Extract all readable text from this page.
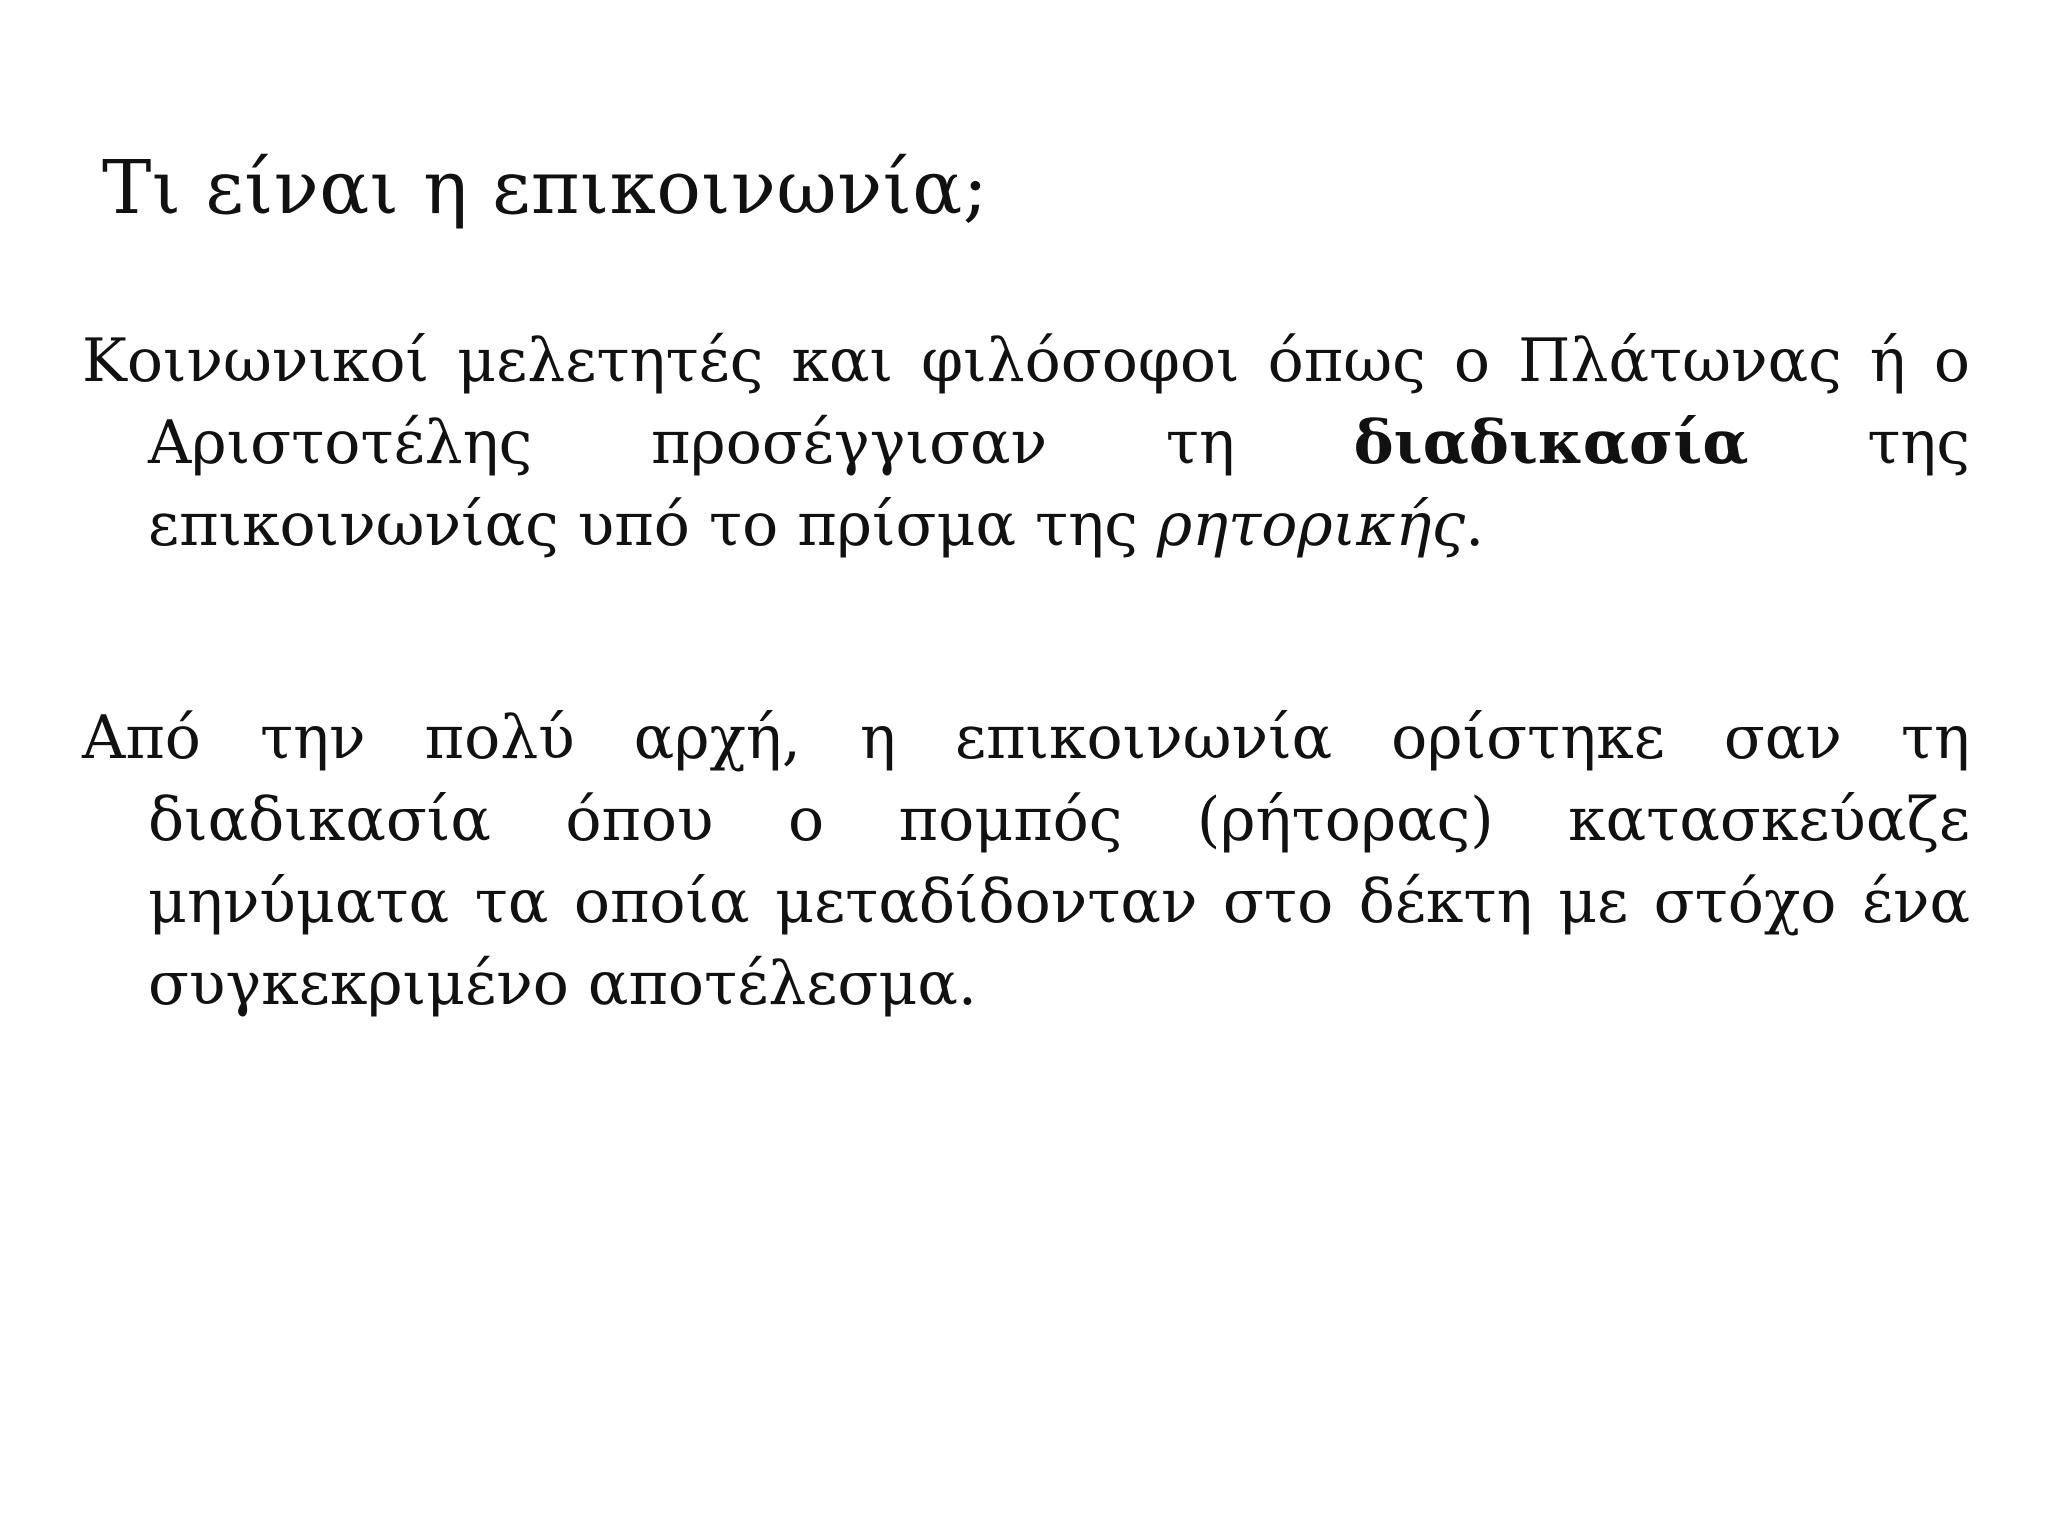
Τι είναι η επικοινωνία;

Κοινωνικοί μελετητές και φιλόσοφοι όπως ο Πλάτωνας ή ο Αριστοτέλης προσέγγισαν τη διαδικασία της επικοινωνίας υπό το πρίσμα της ρητορικής.

Από την πολύ αρχή, η επικοινωνία ορίστηκε σαν τη διαδικασία όπου ο πομπός (ρήτορας) κατασκεύαζε μηνύματα τα οποία μεταδίδονταν στο δέκτη με στόχο ένα συγκεκριμένο αποτέλεσμα.
